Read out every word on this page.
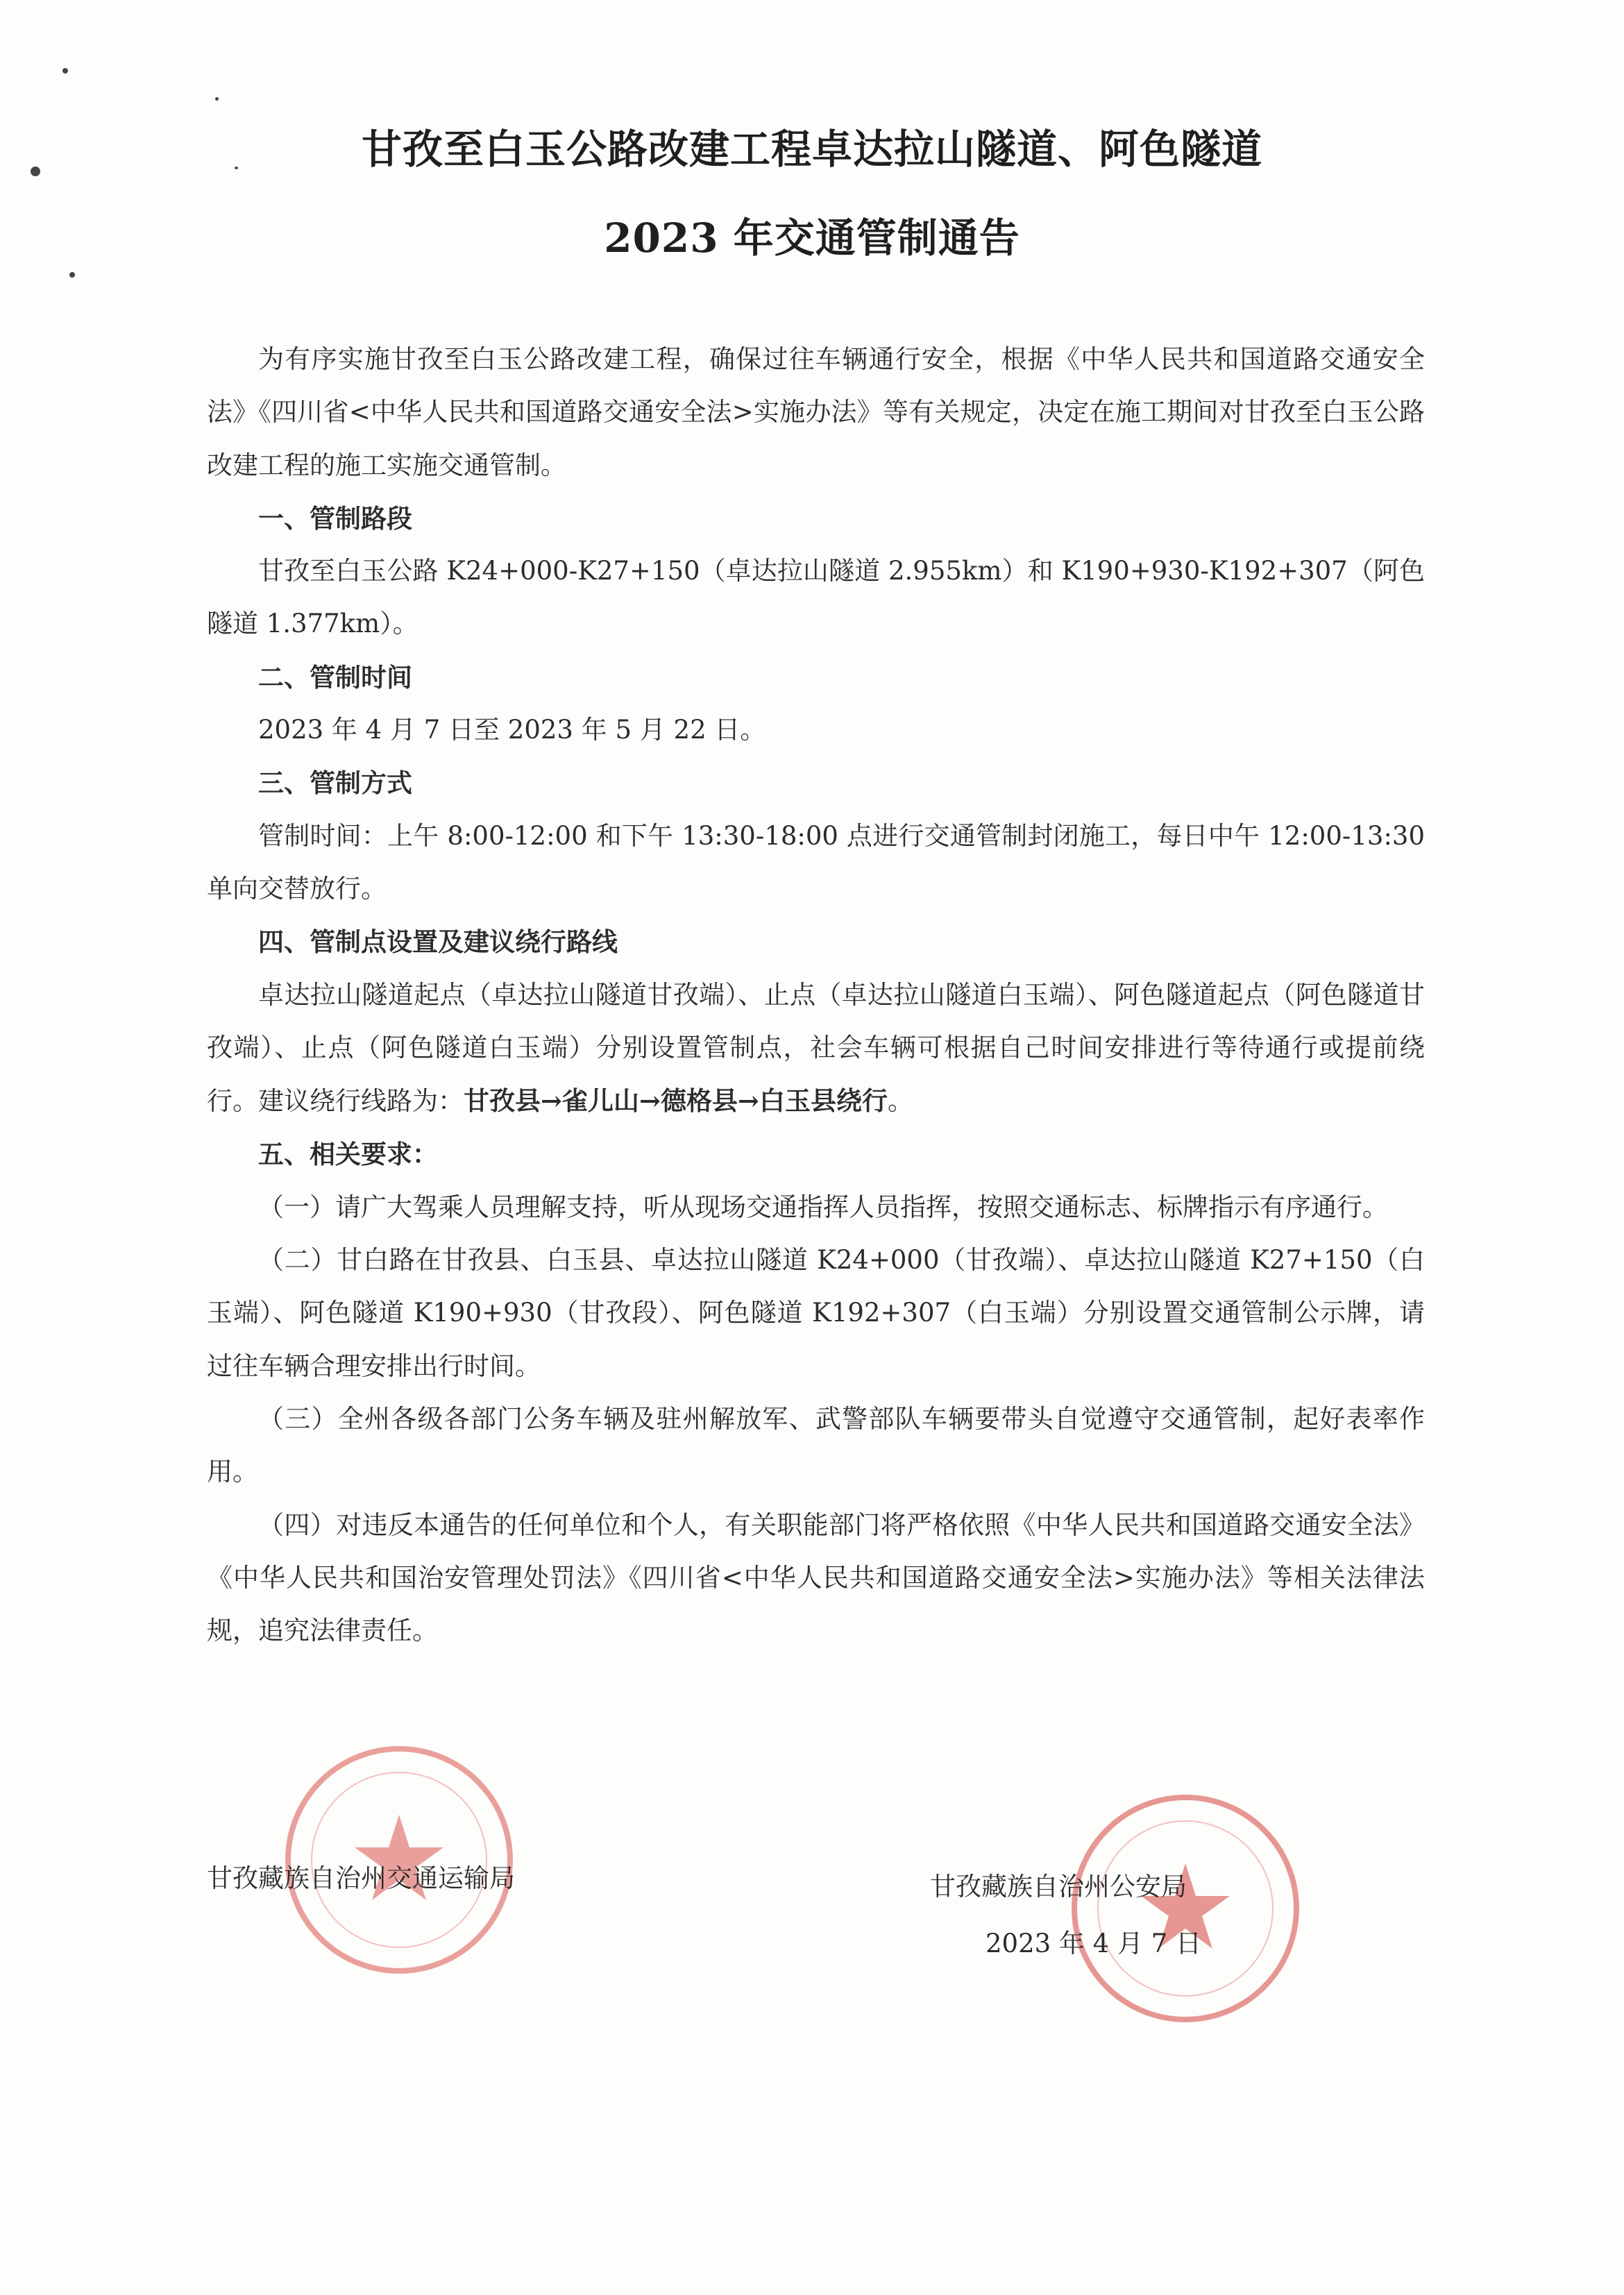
甘孜至白玉公路改建工程卓达拉山隧道、阿色隧道
2023 年交通管制通告

为有序实施甘孜至白玉公路改建工程，确保过往车辆通行安全，根据《中华人民共和国道路交通安全法》《四川省<中华人民共和国道路交通安全法>实施办法》等有关规定，决定在施工期间对甘孜至白玉公路改建工程的施工实施交通管制。

一、管制路段

甘孜至白玉公路 K24+000-K27+150（卓达拉山隧道 2.955km）和 K190+930-K192+307（阿色隧道 1.377km）。

二、管制时间

2023 年 4 月 7 日至 2023 年 5 月 22 日。

三、管制方式

管制时间：上午 8:00-12:00 和下午 13:30-18:00 点进行交通管制封闭施工，每日中午 12:00-13:30 单向交替放行。

四、管制点设置及建议绕行路线

卓达拉山隧道起点（卓达拉山隧道甘孜端）、止点（卓达拉山隧道白玉端）、阿色隧道起点（阿色隧道甘孜端）、止点（阿色隧道白玉端）分别设置管制点，社会车辆可根据自己时间安排进行等待通行或提前绕行。建议绕行线路为：甘孜县→雀儿山→德格县→白玉县绕行。

五、相关要求：

（一）请广大驾乘人员理解支持，听从现场交通指挥人员指挥，按照交通标志、标牌指示有序通行。

（二）甘白路在甘孜县、白玉县、卓达拉山隧道 K24+000（甘孜端）、卓达拉山隧道 K27+150（白玉端）、阿色隧道 K190+930（甘孜段）、阿色隧道 K192+307（白玉端）分别设置交通管制公示牌，请过往车辆合理安排出行时间。

（三）全州各级各部门公务车辆及驻州解放军、武警部队车辆要带头自觉遵守交通管制，起好表率作用。

（四）对违反本通告的任何单位和个人，有关职能部门将严格依照《中华人民共和国道路交通安全法》《中华人民共和国治安管理处罚法》《四川省<中华人民共和国道路交通安全法>实施办法》等相关法律法规，追究法律责任。

甘孜藏族自治州交通运输局	甘孜藏族自治州公安局
2023 年 4 月 7 日
